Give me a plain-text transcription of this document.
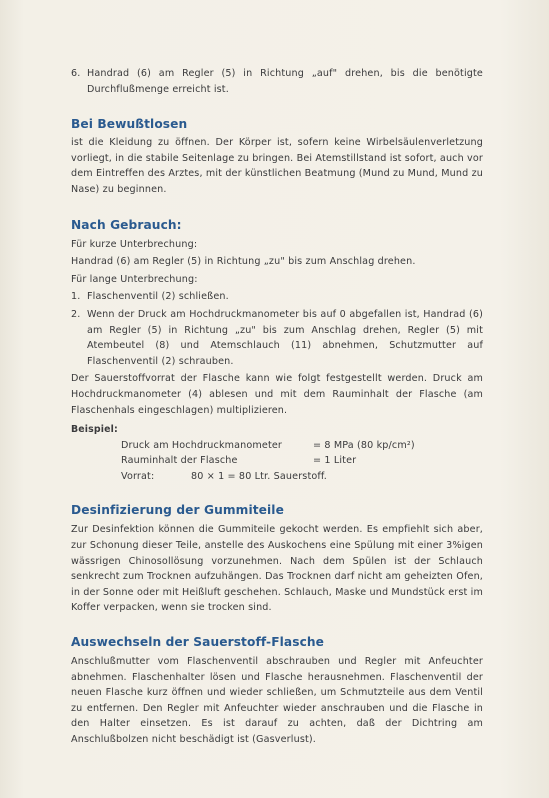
6. Handrad (6) am Regler (5) in Richtung „auf" drehen, bis die benötigte Durchflußmenge erreicht ist.

Bei Bewußtlosen

ist die Kleidung zu öffnen. Der Körper ist, sofern keine Wirbelsäulenverletzung vorliegt, in die stabile Seitenlage zu bringen. Bei Atemstillstand ist sofort, auch vor dem Eintreffen des Arztes, mit der künstlichen Beatmung (Mund zu Mund, Mund zu Nase) zu beginnen.

Nach Gebrauch:

Für kurze Unterbrechung:

Handrad (6) am Regler (5) in Richtung „zu" bis zum Anschlag drehen.

Für lange Unterbrechung:

1. Flaschenventil (2) schließen.

2. Wenn der Druck am Hochdruckmanometer bis auf 0 abgefallen ist, Handrad (6) am Regler (5) in Richtung „zu" bis zum Anschlag drehen, Regler (5) mit Atembeutel (8) und Atemschlauch (11) abnehmen, Schutzmutter auf Flaschenventil (2) schrauben.

Der Sauerstoffvorrat der Flasche kann wie folgt festgestellt werden. Druck am Hochdruckmanometer (4) ablesen und mit dem Rauminhalt der Flasche (am Flaschenhals eingeschlagen) multiplizieren.

Beispiel:

Druck am Hochdruckmanometer	= 8 MPa (80 kp/cm²)
Rauminhalt der Flasche	= 1 Liter
Vorrat:	80 × 1 = 80 Ltr. Sauerstoff.
Desinfizierung der Gummiteile

Zur Desinfektion können die Gummiteile gekocht werden. Es empfiehlt sich aber, zur Schonung dieser Teile, anstelle des Auskochens eine Spülung mit einer 3%igen wässrigen Chinosollösung vorzunehmen. Nach dem Spülen ist der Schlauch senkrecht zum Trocknen aufzuhängen. Das Trocknen darf nicht am geheizten Ofen, in der Sonne oder mit Heißluft geschehen. Schlauch, Maske und Mundstück erst im Koffer verpacken, wenn sie trocken sind.

Auswechseln der Sauerstoff-Flasche

Anschlußmutter vom Flaschenventil abschrauben und Regler mit Anfeuchter abnehmen. Flaschenhalter lösen und Flasche herausnehmen. Flaschenventil der neuen Flasche kurz öffnen und wieder schließen, um Schmutzteile aus dem Ventil zu entfernen. Den Regler mit Anfeuchter wieder anschrauben und die Flasche in den Halter einsetzen. Es ist darauf zu achten, daß der Dichtring am Anschlußbolzen nicht beschädigt ist (Gasverlust).
